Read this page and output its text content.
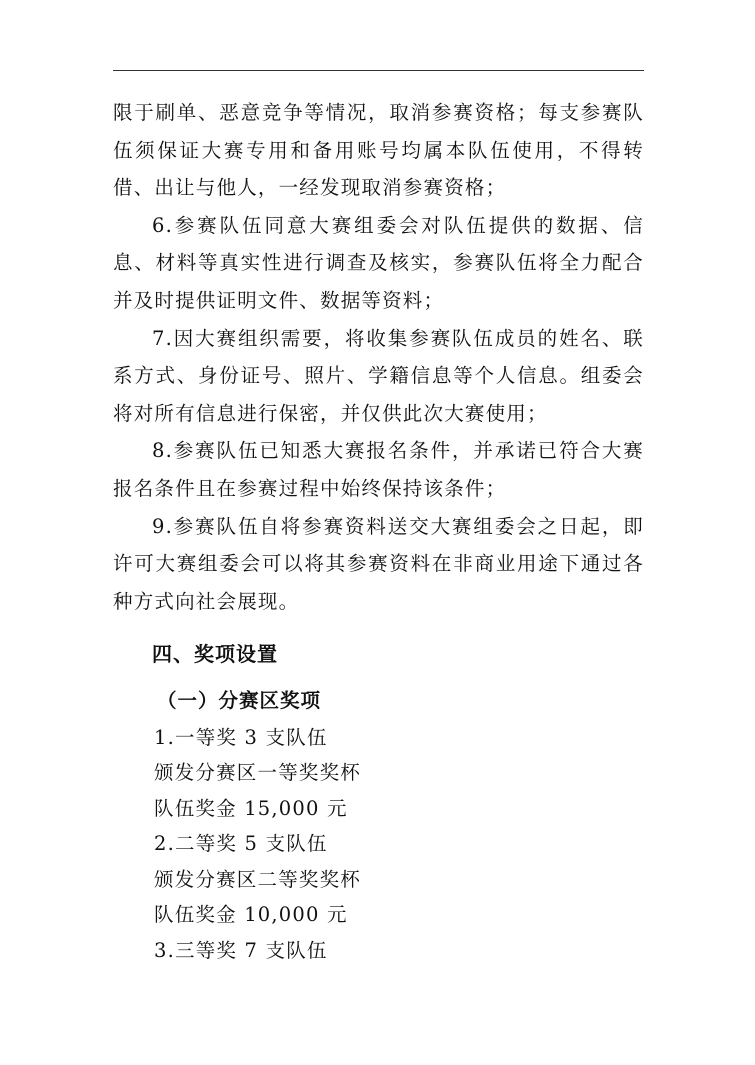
限于刷单、恶意竞争等情况，取消参赛资格；每支参赛队伍须保证大赛专用和备用账号均属本队伍使用，不得转借、出让与他人，一经发现取消参赛资格；

6.参赛队伍同意大赛组委会对队伍提供的数据、信息、材料等真实性进行调查及核实，参赛队伍将全力配合并及时提供证明文件、数据等资料；

7.因大赛组织需要，将收集参赛队伍成员的姓名、联系方式、身份证号、照片、学籍信息等个人信息。组委会将对所有信息进行保密，并仅供此次大赛使用；

8.参赛队伍已知悉大赛报名条件，并承诺已符合大赛报名条件且在参赛过程中始终保持该条件；

9.参赛队伍自将参赛资料送交大赛组委会之日起，即许可大赛组委会可以将其参赛资料在非商业用途下通过各种方式向社会展现。

四、奖项设置
（一）分赛区奖项

1.一等奖 3 支队伍

颁发分赛区一等奖奖杯

队伍奖金 15,000 元

2.二等奖 5 支队伍

颁发分赛区二等奖奖杯

队伍奖金 10,000 元

3.三等奖 7 支队伍
